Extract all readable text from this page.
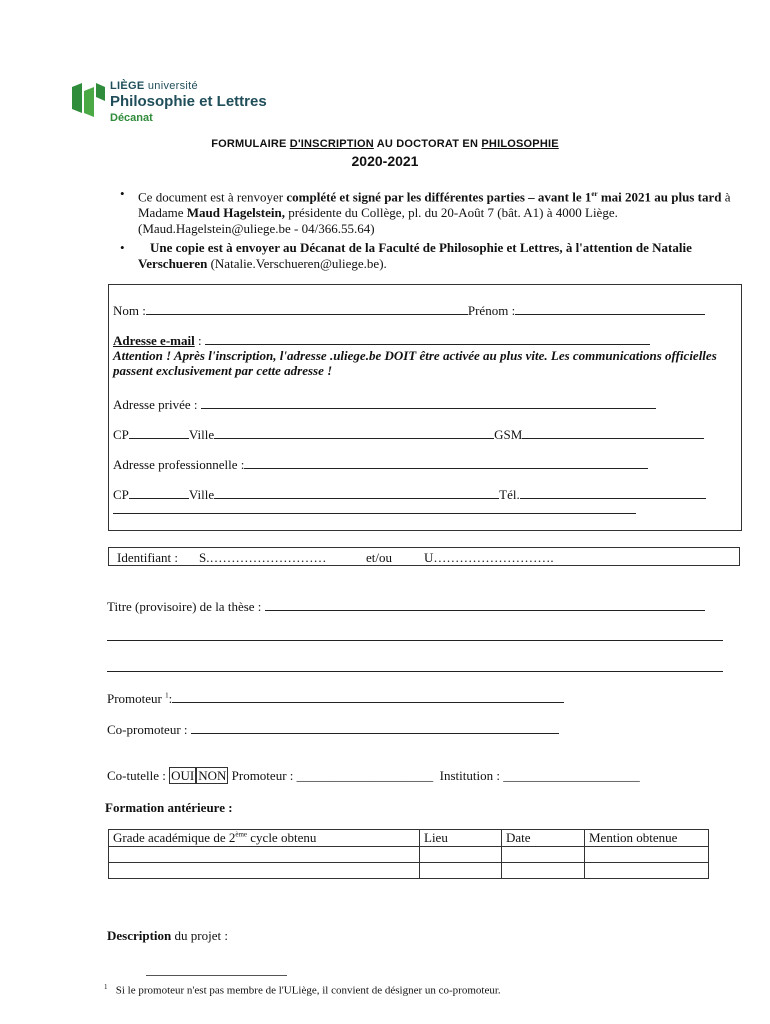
LIÈGE université
Philosophie et Lettres
Décanat
FORMULAIRE D'INSCRIPTION AU DOCTORAT EN PHILOSOPHIE
2020-2021
• Ce document est à renvoyer complété et signé par les différentes parties – avant le 1er mai 2021 au plus tard à Madame Maud Hagelstein, présidente du Collège, pl. du 20-Août 7 (bât. A1) à 4000 Liège. (Maud.Hagelstein@uliege.be - 04/366.55.64)
•	Une copie est à envoyer au Décanat de la Faculté de Philosophie et Lettres, à l'attention de Natalie Verschueren (Natalie.Verschueren@uliege.be).
Nom :	Prénom :
Adresse e-mail :
Attention ! Après l'inscription, l'adresse .uliege.be DOIT être activée au plus vite. Les communications officielles passent exclusivement par cette adresse !
Adresse privée :
CP	Ville	GSM
Adresse professionnelle :
CP	Ville	Tél.
Identifiant : S.………………………	et/ou U……………………….
Titre (provisoire) de la thèse :
Promoteur $^1$:
Co-promoteur :
Co-tutelle : OUI NON Promoteur : _____________________ Institution : _____________________
Formation antérieure :
Grade académique de 2ème cycle obtenu	Lieu	Date	Mention obtenue

Description du projet :
$^1$ Si le promoteur n'est pas membre de l'ULiège, il convient de désigner un co-promoteur.
